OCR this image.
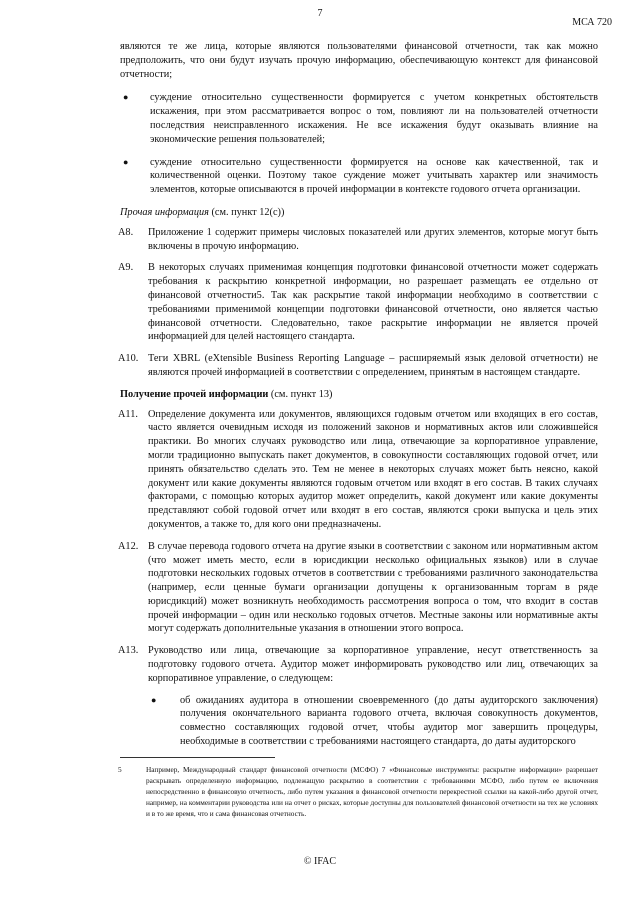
7
МСА 720

являются те же лица, которые являются пользователями финансовой отчетности, так как можно предположить, что они будут изучать прочую информацию, обеспечивающую контекст для финансовой отчетности;

● суждение относительно существенности формируется с учетом конкретных обстоятельств искажения, при этом рассматривается вопрос о том, повлияют ли на пользователей отчетности последствия неисправленного искажения. Не все искажения будут оказывать влияние на экономические решения пользователей;

● суждение относительно существенности формируется на основе как качественной, так и количественной оценки. Поэтому такое суждение может учитывать характер или значимость элементов, которые описываются в прочей информации в контексте годового отчета организации.

Прочая информация (см. пункт 12(c))
A8.	Приложение 1 содержит примеры числовых показателей или других элементов, которые могут быть включены в прочую информацию.
A9.	В некоторых случаях применимая концепция подготовки финансовой отчетности может содержать требования к раскрытию конкретной информации, но разрешает размещать ее отдельно от финансовой отчетности5. Так как раскрытие такой информации необходимо в соответствии с требованиями применимой концепции подготовки финансовой отчетности, оно является частью финансовой отчетности. Следовательно, такое раскрытие информации не является прочей информацией для целей настоящего стандарта.
A10. Теги XBRL (eXtensible Business Reporting Language – расширяемый язык деловой отчетности) не являются прочей информацией в соответствии с определением, принятым в настоящем стандарте.
Получение прочей информации (см. пункт 13)
A11. Определение документа или документов, являющихся годовым отчетом или входящих в его состав, часто является очевидным исходя из положений законов и нормативных актов или сложившейся практики. Во многих случаях руководство или лица, отвечающие за корпоративное управление, могли традиционно выпускать пакет документов, в совокупности составляющих годовой отчет, или принять обязательство сделать это. Тем не менее в некоторых случаях может быть неясно, какой документ или какие документы являются годовым отчетом или входят в его состав. В таких случаях факторами, с помощью которых аудитор может определить, какой документ или какие документы представляют собой годовой отчет или входят в его состав, являются сроки выпуска и цель этих документов, а также то, для кого они предназначены.
A12. В случае перевода годового отчета на другие языки в соответствии с законом или нормативным актом (что может иметь место, если в юрисдикции несколько официальных языков) или в случае подготовки нескольких годовых отчетов в соответствии с требованиями различного законодательства (например, если ценные бумаги организации допущены к организованным торгам в ряде юрисдикций) может возникнуть необходимость рассмотрения вопроса о том, что входит в состав прочей информации – один или несколько годовых отчетов. Местные законы или нормативные акты могут содержать дополнительные указания в отношении этого вопроса.
A13. Руководство или лица, отвечающие за корпоративное управление, несут ответственность за подготовку годового отчета. Аудитор может информировать руководство или лиц, отвечающих за корпоративное управление, о следующем:

● об ожиданиях аудитора в отношении своевременного (до даты аудиторского заключения) получения окончательного варианта годового отчета, включая совокупность документов, совместно составляющих годовой отчет, чтобы аудитор мог завершить процедуры, необходимые в соответствии с требованиями настоящего стандарта, до даты аудиторского

5	Например, Международный стандарт финансовой отчетности (МСФО) 7 «Финансовые инструменты: раскрытие информации» разрешает раскрывать определенную информацию, подлежащую раскрытию в соответствии с требованиями МСФО, либо путем ее включения непосредственно в финансовую отчетность, либо путем указания в финансовой отчетности перекрестной ссылки на какой-либо другой отчет, например, на комментарии руководства или на отчет о рисках, которые доступны для пользователей финансовой отчетности на тех же условиях и в то же время, что и сама финансовая отчетность.
© IFAC
